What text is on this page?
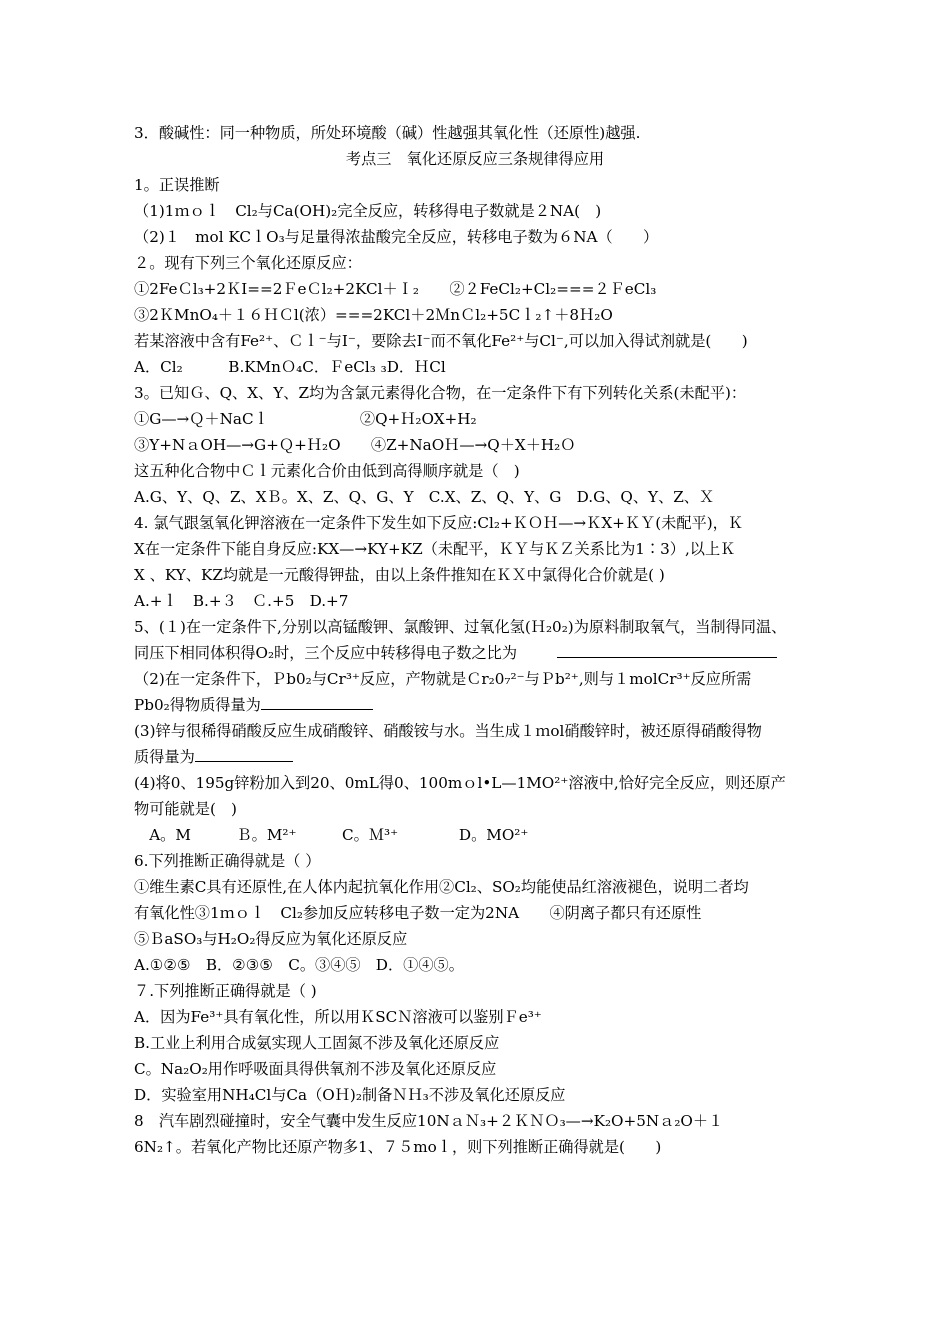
3．酸碱性：同一种物质，所处环境酸（碱）性越强其氧化性（还原性)越强.
考点三　氧化还原反应三条规律得应用
1。正误推断
（1)1ｍｏｌ　Cl₂与Ca(OH)₂完全反应，转移得电子数就是２NA(　)
（2)１　mol KCｌO₃与足量得浓盐酸完全反应，转移电子数为６NA（　　）
２。现有下列三个氧化还原反应：
①2FeＣl₃+2ＫI==2ＦeＣl₂+2KCl＋Ｉ₂　　②２FeCl₂+Cl₂===２ＦeCl₃
③2ＫMnO₄＋１６ＨＣl(浓）===2KCl＋2ＭnＣl₂+5Cｌ₂↑＋8Ｈ₂O
若某溶液中含有Fe²⁺、Ｃｌ⁻与I⁻，要除去I⁻而不氧化Fe²⁺与Cl⁻,可以加入得试剂就是(　　)
A．Cl₂　　　B.KMnＯ₄C．ＦeCl₃ ₃D．ＨCl
3。已知Ｇ、Q、X、Y、Z均为含氯元素得化合物，在一定条件下有下列转化关系(未配平)：
①G—→Ｑ＋NaCｌ　　　　　　②Q+Ｈ₂OX+H₂
③Y+NａOH—→G+Ｑ+Ｈ₂O　　④Z+NaOＨ—→Q＋X＋H₂Ｏ
这五种化合物中Ｃｌ元素化合价由低到高得顺序就是（　)
A.G、Y、Q、Z、XＢ。X、Z、Q、G、Y　C.X、Z、Q、Y、G　D.G、Q、Y、Z、Ｘ
4. 氯气跟氢氧化钾溶液在一定条件下发生如下反应:Cl₂+ＫＯＨ—→ＫX+ＫＹ(未配平)，Ｋ
X在一定条件下能自身反应:KX—→KY+KZ（未配平，ＫＹ与ＫＺ关系比为1∶3）,以上Ｋ
X 、KY、KZ均就是一元酸得钾盐，由以上条件推知在ＫＸ中氯得化合价就是( )
A.+ｌ　B.+３　Ｃ.+5　D.+7
5、(１)在一定条件下,分别以高锰酸钾、氯酸钾、过氧化氢(Ｈ₂0₂)为原料制取氧气，当制得同温、
同压下相同体积得O₂时，三个反应中转移得电子数之比为
（2)在一定条件下，Ｐb0₂与Cr³⁺反应，产物就是Ｃr₂0₇²⁻与Ｐb²⁺,则与１molCr³⁺反应所需
Pb0₂得物质得量为
(3)锌与很稀得硝酸反应生成硝酸锌、硝酸铵与水。当生成１ｍol硝酸锌时，被还原得硝酸得物
质得量为
(4)将0、195g锌粉加入到20、0mL得0、100mｏl•L—1MO²⁺溶液中,恰好完全反应，则还原产
物可能就是(　)
　A。M　　　Ｂ。M²⁺　　　C。Ｍ³⁺　　　　D。MO²⁺
6.下列推断正确得就是（ ）
①维生素C具有还原性,在人体内起抗氧化作用②Cl₂、SO₂均能使品红溶液褪色，说明二者均
有氧化性③1ｍｏｌ　Cl₂参加反应转移电子数一定为2NA　　④阴离子都只有还原性
⑤ＢaSO₃与H₂O₂得反应为氧化还原反应
A.①②⑤　B．②③⑤　C。③④⑤　D．①④⑤。
７.下列推断正确得就是（ )
A．因为Fe³⁺具有氧化性，所以用ＫSCＮ溶液可以鉴别Ｆe³⁺
B.工业上利用合成氨实现人工固氮不涉及氧化还原反应
C。Na₂O₂用作呼吸面具得供氧剂不涉及氧化还原反应
D．实验室用NH₄Cl与Ca（OＨ)₂制备ＮＨ₃不涉及氧化还原反应
8　汽车剧烈碰撞时，安全气囊中发生反应10NａＮ₃+２ＫＮＯ₃—→K₂O+5Nａ₂O＋１
6N₂↑。若氧化产物比还原产物多1、７５moｌ，则下列推断正确得就是(　　)
